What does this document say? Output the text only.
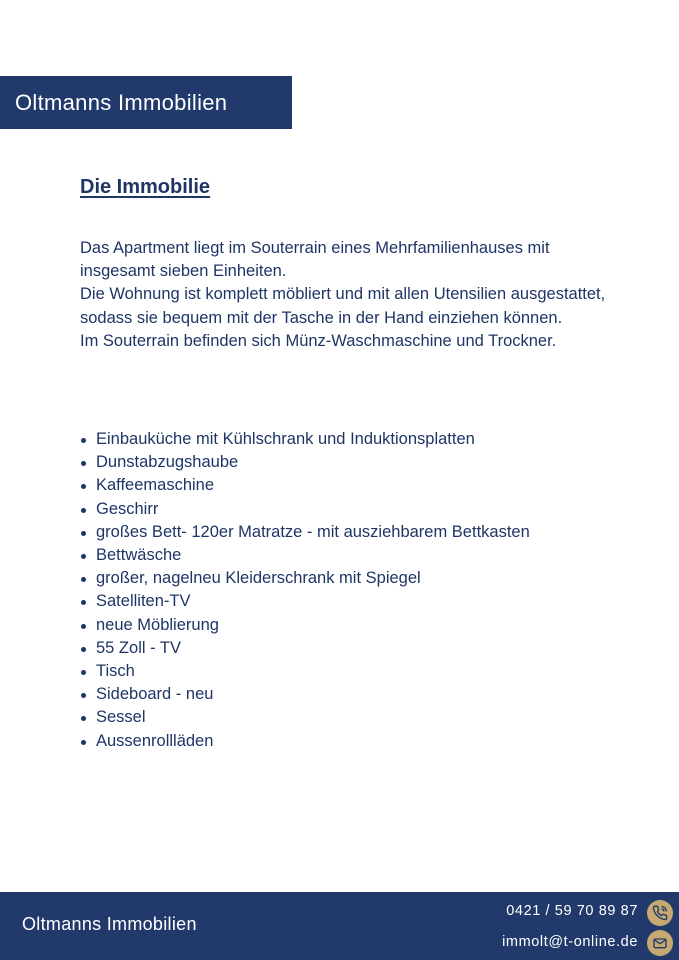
Oltmanns Immobilien
Die Immobilie

Das Apartment liegt im Souterrain eines Mehrfamilienhauses mit insgesamt sieben Einheiten.

Die Wohnung ist komplett möbliert und mit allen Utensilien ausgestattet, sodass sie bequem mit der Tasche in der Hand einziehen können.

Im Souterrain befinden sich Münz-Waschmaschine und Trockner.

Einbauküche mit Kühlschrank und Induktionsplatten
Dunstabzugshaube
Kaffeemaschine
Geschirr
großes Bett- 120er Matratze - mit ausziehbarem Bettkasten
Bettwäsche
großer, nagelneu Kleiderschrank mit Spiegel
Satelliten-TV
neue Möblierung
55 Zoll - TV
Tisch
Sideboard - neu
Sessel
Aussenrollläden
Oltmanns Immobilien
0421 / 59 70 89 87
immolt@t-online.de
